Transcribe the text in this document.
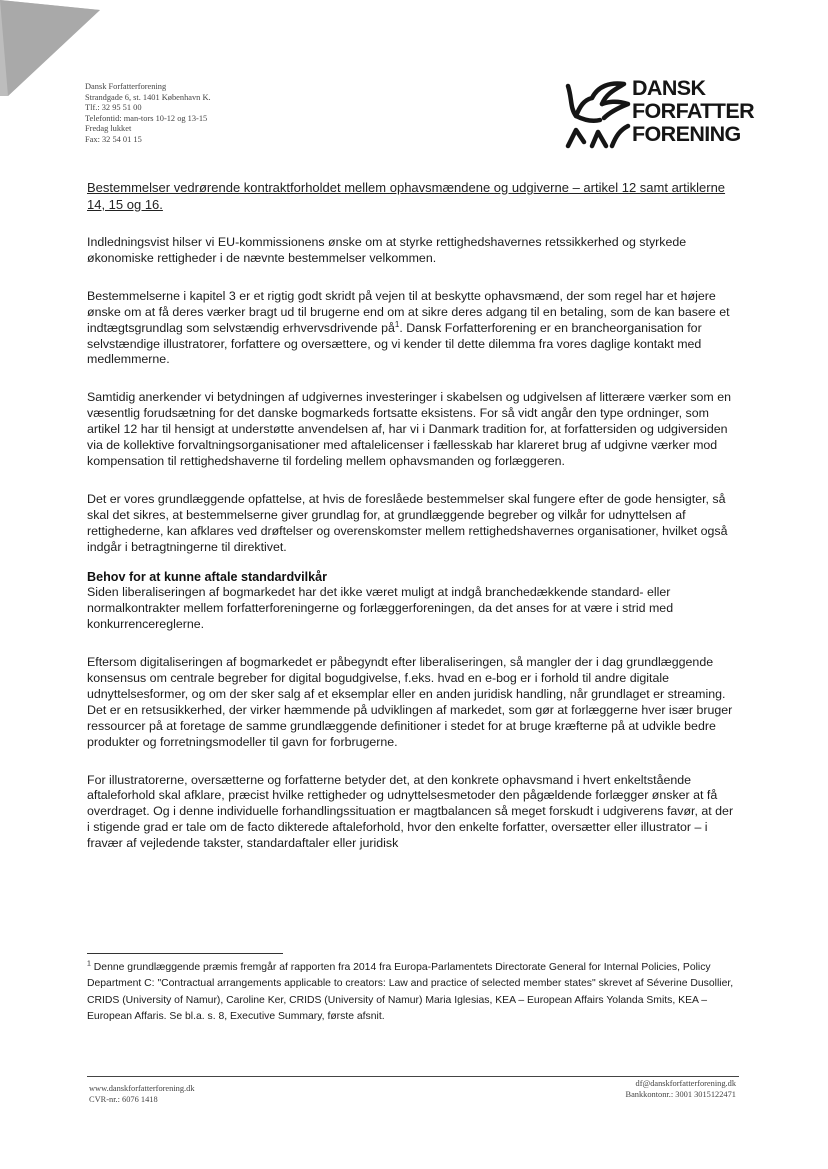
Dansk Forfatterforening
Strandgade 6, st. 1401 København K.
Tlf.: 32 95 51 00
Telefontid: man-tors 10-12 og 13-15
Fredag lukket
Fax: 32 54 01 15
DANSK
FORFATTER
FORENING
Bestemmelser vedrørende kontraktforholdet mellem ophavsmændene og udgiverne – artikel 12 samt artiklerne 14, 15 og 16.

Indledningsvist hilser vi EU-kommissionens ønske om at styrke rettighedshavernes retssikkerhed og styrkede økonomiske rettigheder i de nævnte bestemmelser velkommen.

Bestemmelserne i kapitel 3 er et rigtig godt skridt på vejen til at beskytte ophavsmænd, der som regel har et højere ønske om at få deres værker bragt ud til brugerne end om at sikre deres adgang til en betaling, som de kan basere et indtægtsgrundlag som selvstændig erhvervsdrivende $på^1$. Dansk Forfatterforening er en brancheorganisation for selvstændige illustratorer, forfattere og oversættere, og vi kender til dette dilemma fra vores daglige kontakt med medlemmerne.

Samtidig anerkender vi betydningen af udgivernes investeringer i skabelsen og udgivelsen af litterære værker som en væsentlig forudsætning for det danske bogmarkeds fortsatte eksistens. For så vidt angår den type ordninger, som artikel 12 har til hensigt at understøtte anvendelsen af, har vi i Danmark tradition for, at forfattersiden og udgiversiden via de kollektive forvaltningsorganisationer med aftalelicenser i fællesskab har klareret brug af udgivne værker mod kompensation til rettighedshaverne til fordeling mellem ophavsmanden og forlæggeren.

Det er vores grundlæggende opfattelse, at hvis de foreslåede bestemmelser skal fungere efter de gode hensigter, så skal det sikres, at bestemmelserne giver grundlag for, at grundlæggende begreber og vilkår for udnyttelsen af rettighederne, kan afklares ved drøftelser og overenskomster mellem rettighedshavernes organisationer, hvilket også indgår i betragtningerne til direktivet.

Behov for at kunne aftale standardvilkår

Siden liberaliseringen af bogmarkedet har det ikke været muligt at indgå branchedækkende standard- eller normalkontrakter mellem forfatterforeningerne og forlæggerforeningen, da det anses for at være i strid med konkurrencereglerne.

Eftersom digitaliseringen af bogmarkedet er påbegyndt efter liberaliseringen, så mangler der i dag grundlæggende konsensus om centrale begreber for digital bogudgivelse, f.eks. hvad en e-bog er i forhold til andre digitale udnyttelsesformer, og om der sker salg af et eksemplar eller en anden juridisk handling, når grundlaget er streaming. Det er en retsusikkerhed, der virker hæmmende på udviklingen af markedet, som gør at forlæggerne hver især bruger ressourcer på at foretage de samme grundlæggende definitioner i stedet for at bruge kræfterne på at udvikle bedre produkter og forretningsmodeller til gavn for forbrugerne.

For illustratorerne, oversætterne og forfatterne betyder det, at den konkrete ophavsmand i hvert enkeltstående aftaleforhold skal afklare, præcist hvilke rettigheder og udnyttelsesmetoder den pågældende forlægger ønsker at få overdraget. Og i denne individuelle forhandlingssituation er magtbalancen så meget forskudt i udgiverens favør, at der i stigende grad er tale om de facto dikterede aftaleforhold, hvor den enkelte forfatter, oversætter eller illustrator – i fravær af vejledende takster, standardaftaler eller juridisk

$^1$ Denne grundlæggende præmis fremgår af rapporten fra 2014 fra Europa-Parlamentets Directorate General for Internal Policies, Policy Department C: "Contractual arrangements applicable to creators: Law and practice of selected member states" skrevet af Séverine Dusollier, CRIDS (University of Namur), Caroline Ker, CRIDS (University of Namur) Maria Iglesias, KEA – European Affairs Yolanda Smits, KEA – European Affaris. Se bl.a. s. 8, Executive Summary, første afsnit.
www.danskforfatterforening.dk
CVR-nr.: 6076 1418
df@danskforfatterforening.dk
Bankkontonr.: 3001 3015122471
